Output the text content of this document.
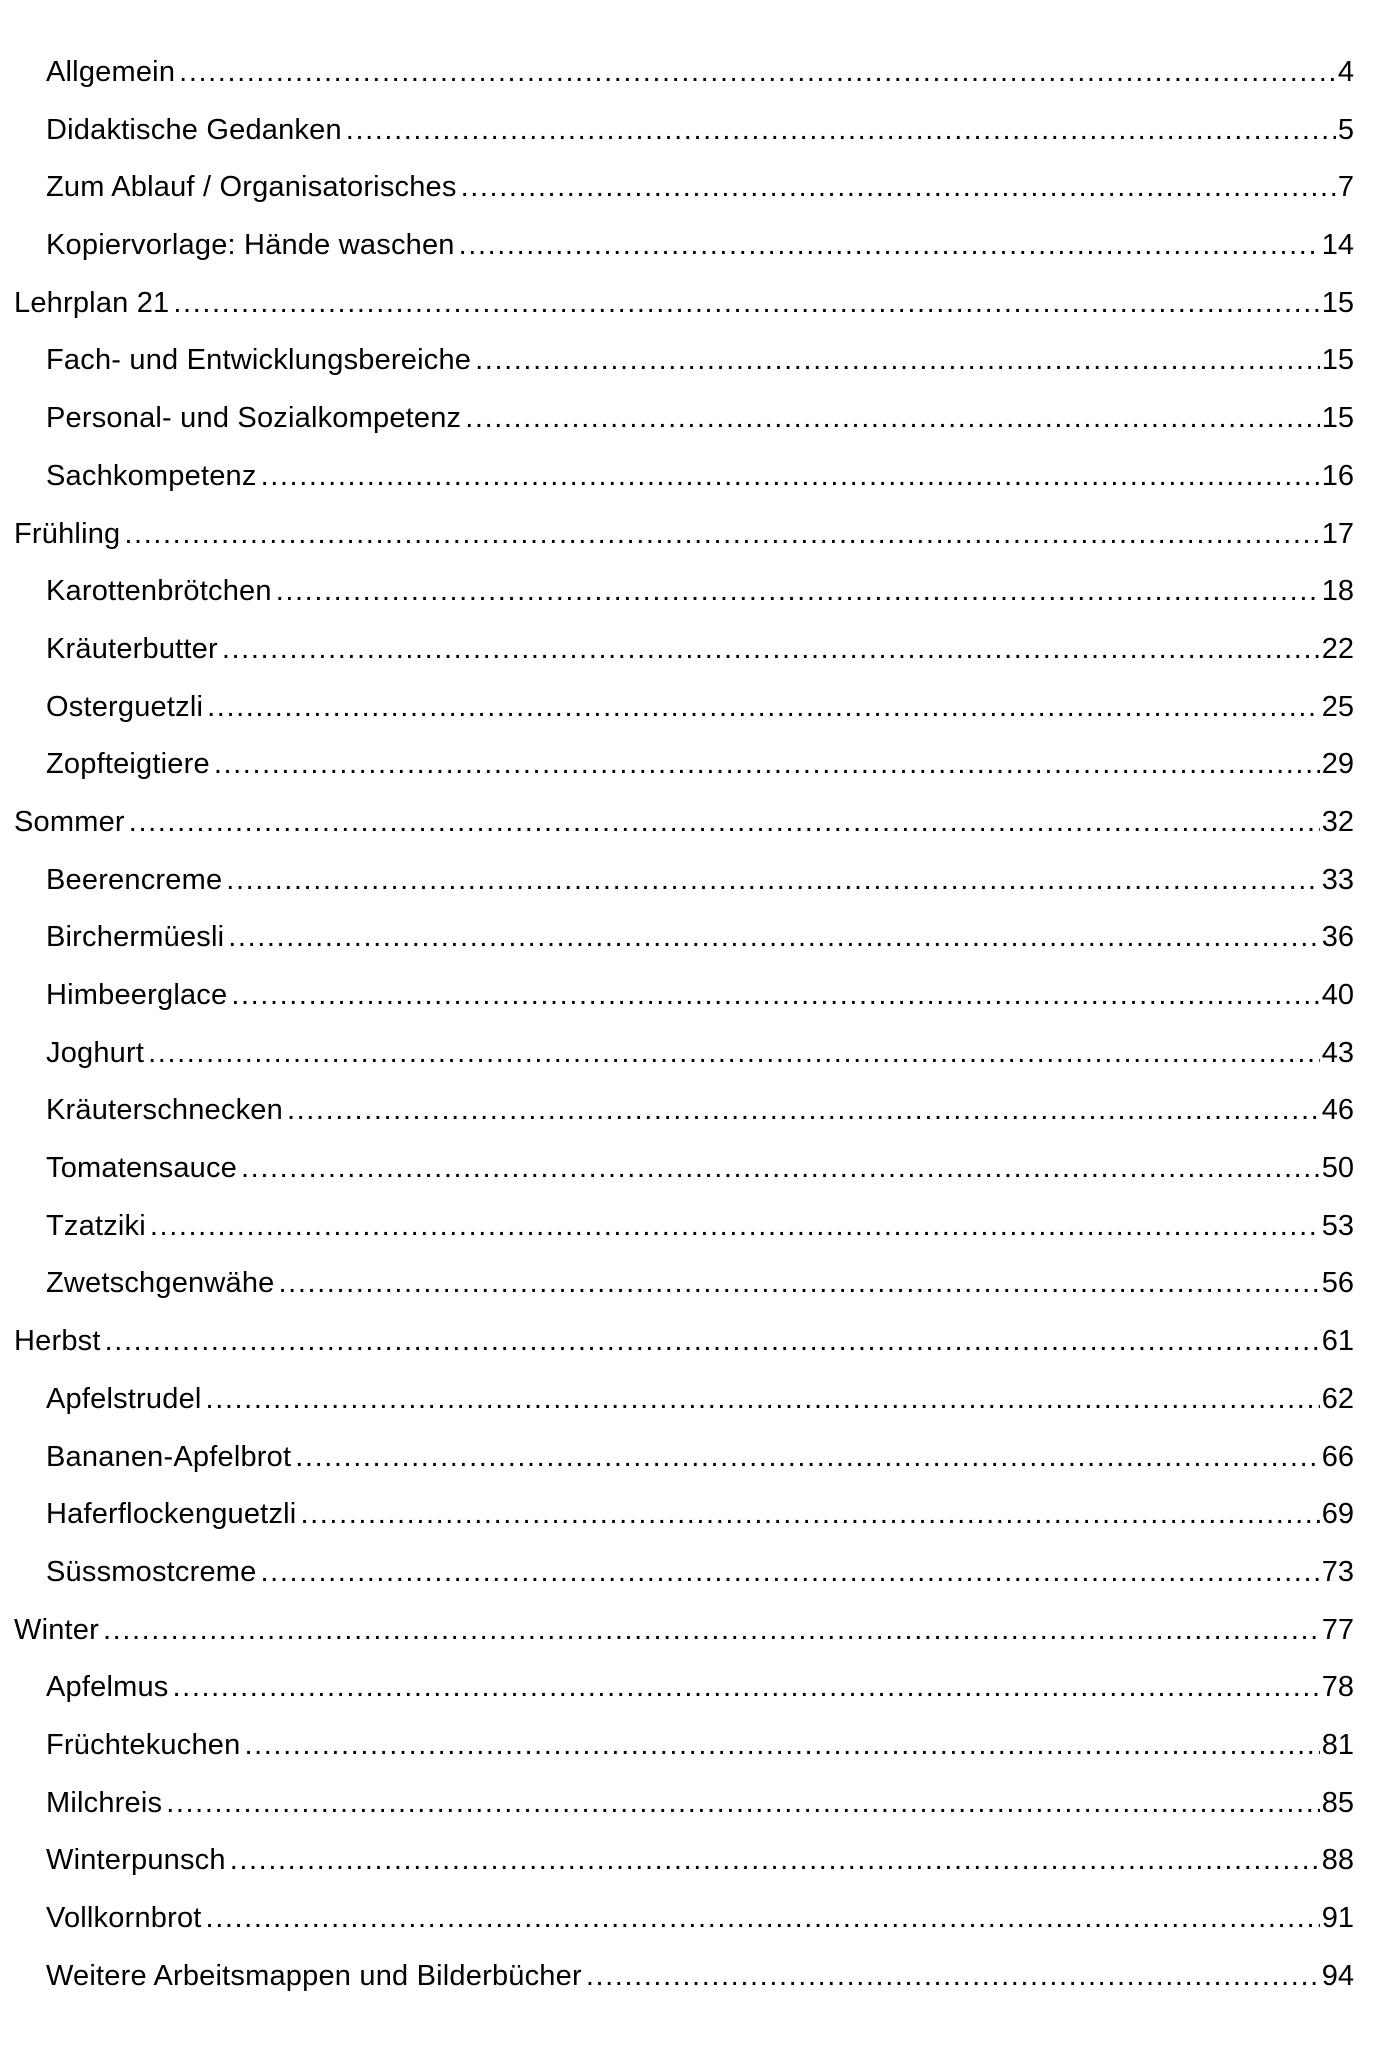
Allgemein .....	4
Didaktische Gedanken .....	5
Zum Ablauf / Organisatorisches .....	7
Kopiervorlage: Hände waschen .....	14
Lehrplan 21 .....	15
Fach- und Entwicklungsbereiche .....	15
Personal- und Sozialkompetenz .....	15
Sachkompetenz .....	16
Frühling .....	17
Karottenbrötchen .....	18
Kräuterbutter .....	22
Osterguetzli .....	25
Zopfteigtiere .....	29
Sommer .....	32
Beerencreme .....	33
Birchermüesli .....	36
Himbeerglace .....	40
Joghurt .....	43
Kräuterschnecken .....	46
Tomatensauce .....	50
Tzatziki .....	53
Zwetschgenwähe .....	56
Herbst .....	61
Apfelstrudel .....	62
Bananen-Apfelbrot .....	66
Haferflockenguetzli .....	69
Süssmostcreme .....	73
Winter .....	77
Apfelmus .....	78
Früchtekuchen .....	81
Milchreis .....	85
Winterpunsch .....	88
Vollkornbrot .....	91
Weitere Arbeitsmappen und Bilderbücher .....	94
